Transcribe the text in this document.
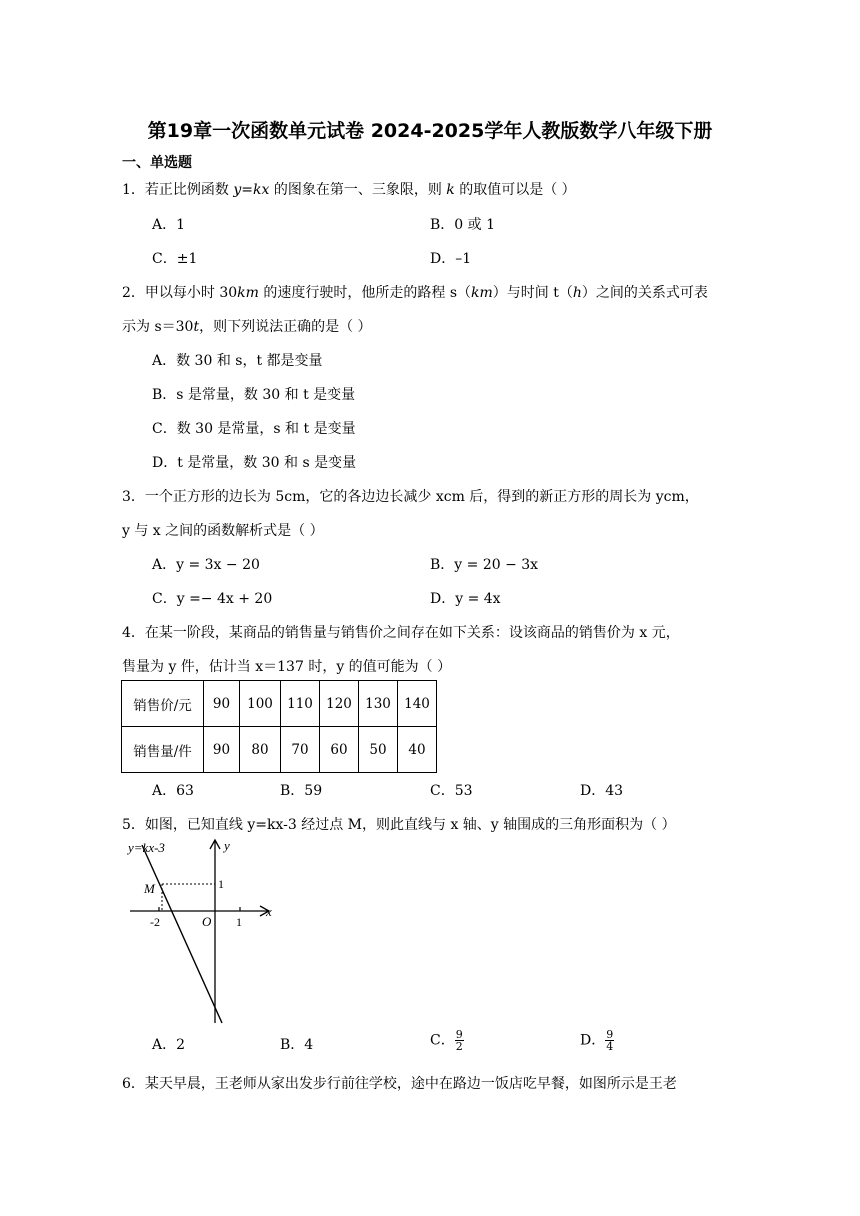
第19章一次函数单元试卷 2024-2025学年人教版数学八年级下册
一、单选题
1．若正比例函数 y=kx 的图象在第一、三象限，则 k 的取值可以是（ ）
A．1	B．0 或 1
C．±1	D．–1
2．甲以每小时 30km 的速度行驶时，他所走的路程 s（km）与时间 t（h）之间的关系式可表
示为 s＝30t，则下列说法正确的是（ ）
A．数 30 和 s，t 都是变量
B．s 是常量，数 30 和 t 是变量
C．数 30 是常量，s 和 t 是变量
D．t 是常量，数 30 和 s 是变量
3．一个正方形的边长为 5cm，它的各边边长减少 xcm 后，得到的新正方形的周长为 ycm，
y 与 x 之间的函数解析式是（ ）
A．y = 3x − 20	B．y = 20 − 3x
C．y =− 4x + 20	D．y = 4x
4．在某一阶段，某商品的销售量与销售价之间存在如下关系：设该商品的销售价为 x 元，
售量为 y 件，估计当 x＝137 时，y 的值可能为（ ）
销售价/元	90	100	110	120	130	140
销售量/件	90	80	70	60	50	40
A．63	B．59	C．53	D．43
5．如图，已知直线 y=kx-3 经过点 M，则此直线与 x 轴、y 轴围成的三角形面积为（ ）
y=kx-3	y
x
M	1
-2	O 1
A．2	B．4	C． $\frac{9}{2}$	D． $\frac{9}{4}$
6．某天早晨，王老师从家出发步行前往学校，途中在路边一饭店吃早餐，如图所示是王老
